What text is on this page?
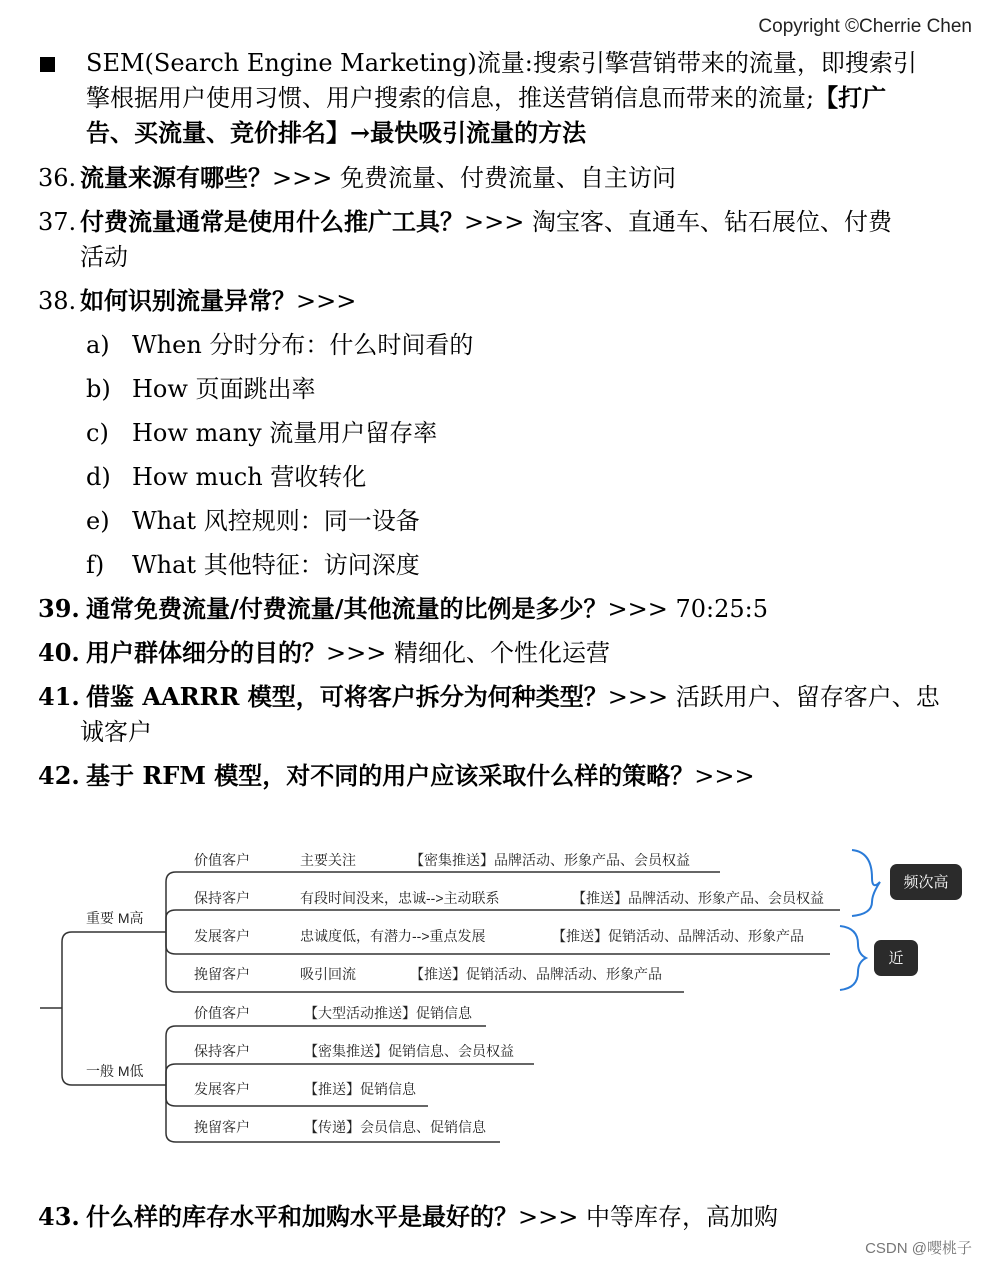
Copyright ©Cherrie Chen
SEM(Search Engine Marketing)流量:搜索引擎营销带来的流量，即搜索引
擎根据用户使用习惯、用户搜索的信息，推送营销信息而带来的流量;【打广
告、买流量、竞价排名】→最快吸引流量的方法
36. 流量来源有哪些？>>> 免费流量、付费流量、自主访问
37. 付费流量通常是使用什么推广工具？>>> 淘宝客、直通车、钻石展位、付费
活动
38. 如何识别流量异常？>>>
a) When 分时分布：什么时间看的
b) How 页面跳出率
c) How many 流量用户留存率
d) How much 营收转化
e) What 风控规则：同一设备
f) What 其他特征：访问深度
39. 通常免费流量/付费流量/其他流量的比例是多少？>>> 70:25:5
40. 用户群体细分的目的？>>> 精细化、个性化运营
41. 借鉴 AARRR 模型，可将客户拆分为何种类型？>>> 活跃用户、留存客户、忠
诚客户
42. 基于 RFM 模型，对不同的用户应该采取什么样的策略？>>>
频次高
近
重要 M高
一般 M低
价值客户	主要关注	【密集推送】品牌活动、形象产品、会员权益
保持客户	有段时间没来，忠诚-->主动联系	【推送】品牌活动、形象产品、会员权益
发展客户	忠诚度低，有潜力-->重点发展	【推送】促销活动、品牌活动、形象产品
挽留客户	吸引回流	【推送】促销活动、品牌活动、形象产品
价值客户	【大型活动推送】促销信息
保持客户	【密集推送】促销信息、会员权益
发展客户	【推送】促销信息
挽留客户	【传递】会员信息、促销信息
43. 什么样的库存水平和加购水平是最好的？>>> 中等库存，高加购
CSDN @嘤桃子
